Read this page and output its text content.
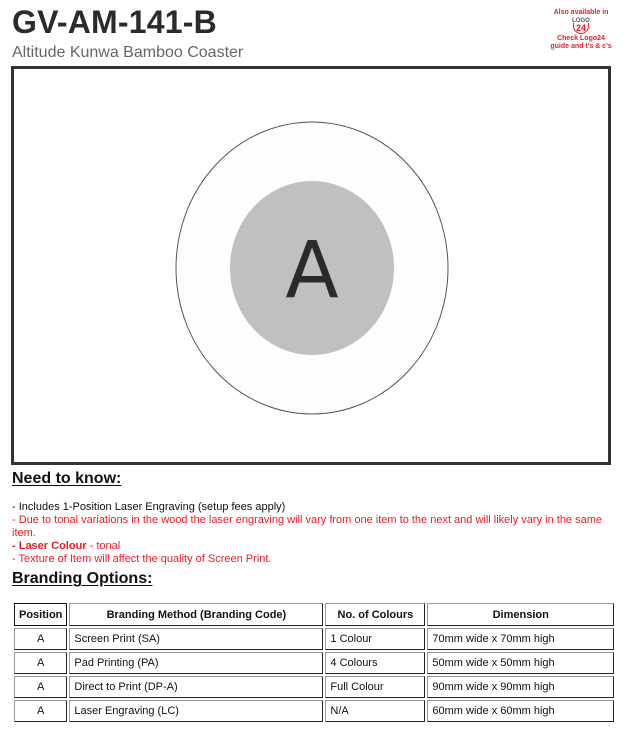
GV-AM-141-B
Altitude Kunwa Bamboo Coaster
Also available in
LOGO
24
Check Logo24
guide and t's & c's
A
Need to know:
- Includes 1-Position Laser Engraving (setup fees apply)
- Due to tonal variations in the wood the laser engraving will vary from one item to the next and will likely vary in the same item.
- Laser Colour - tonal
- Texture of Item will affect the quality of Screen Print.
Branding Options:
Position	Branding Method (Branding Code)	No. of Colours	Dimension
A	Screen Print (SA)	1 Colour	70mm wide x 70mm high
A	Pad Printing (PA)	4 Colours	50mm wide x 50mm high
A	Direct to Print (DP-A)	Full Colour	90mm wide x 90mm high
A	Laser Engraving (LC)	N/A	60mm wide x 60mm high
